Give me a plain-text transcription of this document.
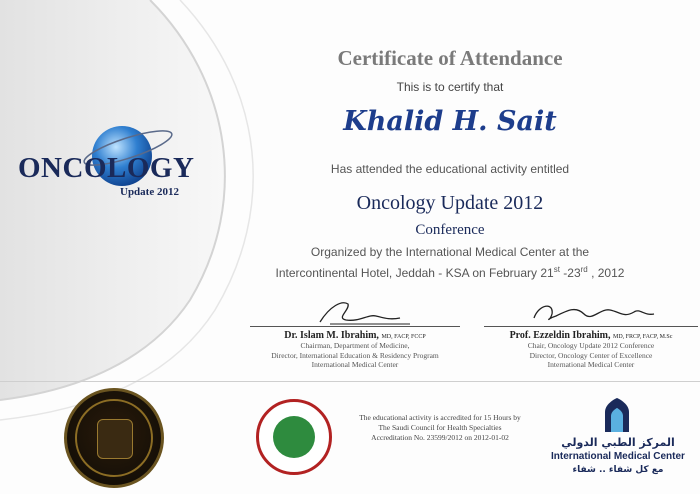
ONCOLOGY
Update 2012
Certificate of Attendance
This is to certify that
Khalid H. Sait
Has attended the educational activity entitled
Oncology Update 2012
Conference
Organized by the International Medical Center at the
Intercontinental Hotel, Jeddah - KSA on February 21st -23rd , 2012
Dr. Islam M. Ibrahim, MD, FACP, FCCP
Chairman, Department of Medicine,
Director, International Education & Residency Program
International Medical Center
Prof. Ezzeldin Ibrahim, MD, FRCP, FACP, M.Sc
Chair, Oncology Update 2012 Conference
Director, Oncology Center of Excellence
International Medical Center
The educational activity is accredited for 15 Hours by
The Saudi Council for Health Specialties
Accreditation No. 23599/2012 on 2012-01-02	المركز الطبي الدولي
International Medical Center
مع كل شفاء .. شفاء
